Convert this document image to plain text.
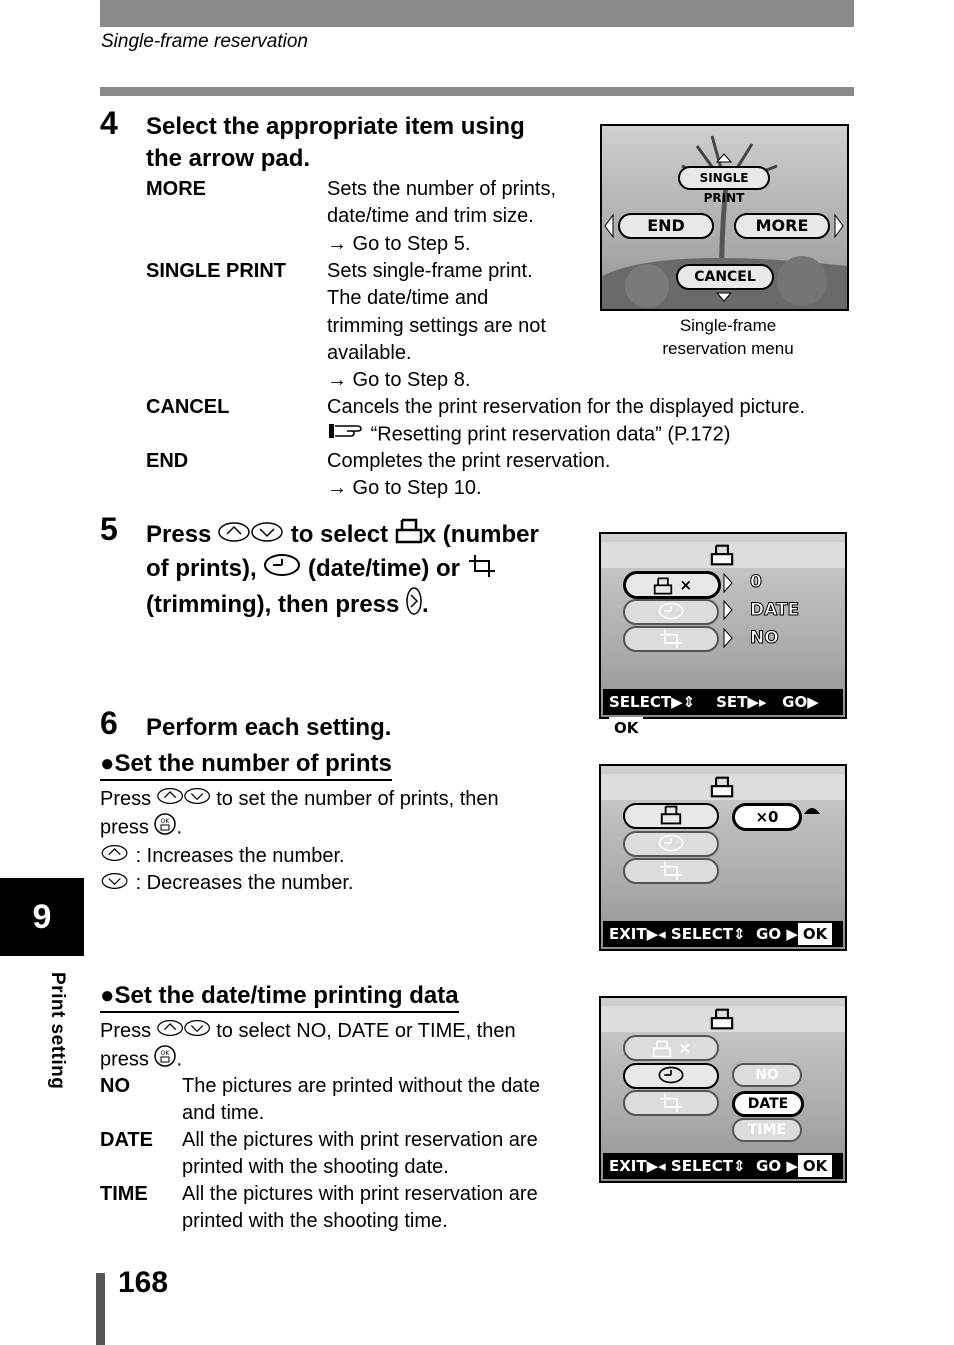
Single-frame reservation
4 Select the appropriate item using
the arrow pad.
MORE	Sets the number of prints,
date/time and trim size.
→ Go to Step 5.
SINGLE PRINT Sets single-frame print.
The date/time and
trimming settings are not
available.
→ Go to Step 8.
CANCEL	Cancels the print reservation for the displayed picture.
“Resetting print reservation data” (P.172)
END	Completes the print reservation.
→ Go to Step 10.
SINGLE PRINT
END	MORE
CANCEL
Single-frame
reservation menu
5 Press	to select x (number
of prints), (date/time) or
(trimming), then press .
×	0
DATE
NO
SELECT▶⇕    SET▶▸   GO▶OK
6 Perform each setting.
●Set the number of prints
Press	to set the number of prints, then
press OK .
: Increases the number.
: Decreases the number.
×0
EXIT▶◂ SELECT⇕  GO ▶ OK
●Set the date/time printing data
Press	to select NO, DATE or TIME, then
press OK .
NO	The pictures are printed without the date
and time.
DATE All the pictures with print reservation are
printed with the shooting date.
TIME All the pictures with print reservation are
printed with the shooting time.
×
NO
DATE
TIME
EXIT▶◂ SELECT⇕  GO ▶ OK
9
Print setting
168
